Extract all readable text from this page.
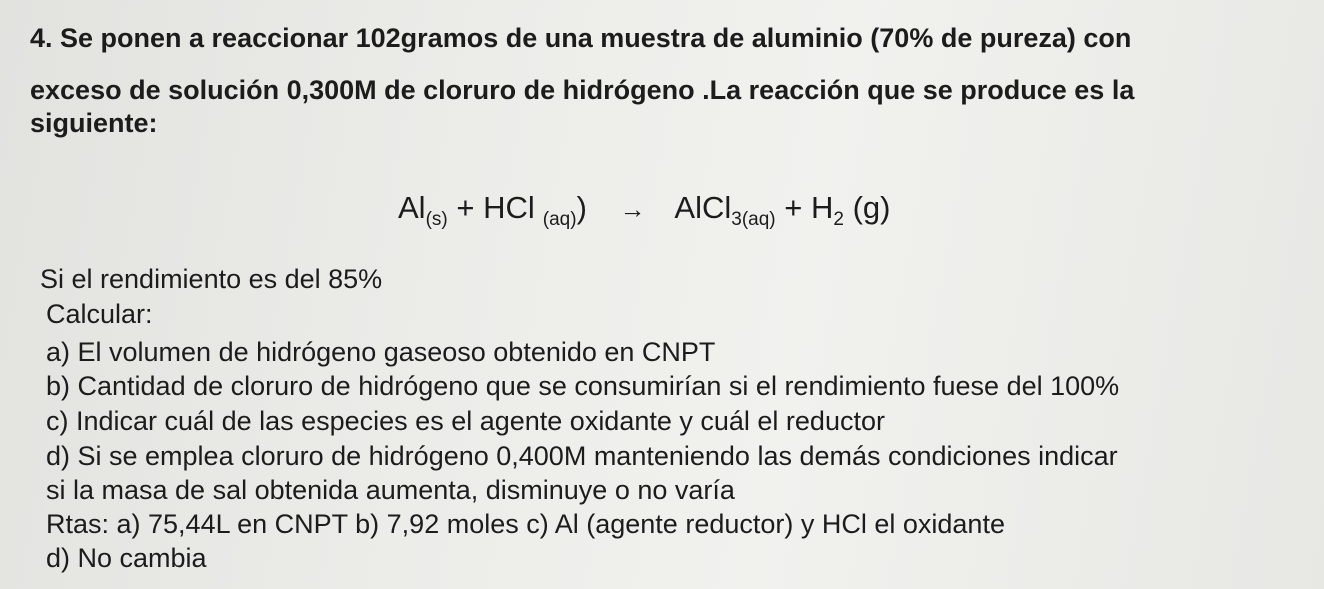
4. Se ponen a reaccionar 102gramos de una muestra de aluminio (70% de pureza) con
exceso de solución 0,300M de cloruro de hidrógeno .La reacción que se produce es la
siguiente:
$Al_{(s)}$ + HCl $_{(aq)}$) → AlCl$_{3(aq)}$ + $H_2$ (g)
Si el rendimiento es del 85%
Calcular:
a) El volumen de hidrógeno gaseoso obtenido en CNPT
b) Cantidad de cloruro de hidrógeno que se consumirían si el rendimiento fuese del 100%
c) Indicar cuál de las especies es el agente oxidante y cuál el reductor
d) Si se emplea cloruro de hidrógeno 0,400M manteniendo las demás condiciones indicar
si la masa de sal obtenida aumenta, disminuye o no varía
Rtas: a) 75,44L en CNPT b) 7,92 moles c) Al (agente reductor) y HCl el oxidante
d) No cambia
